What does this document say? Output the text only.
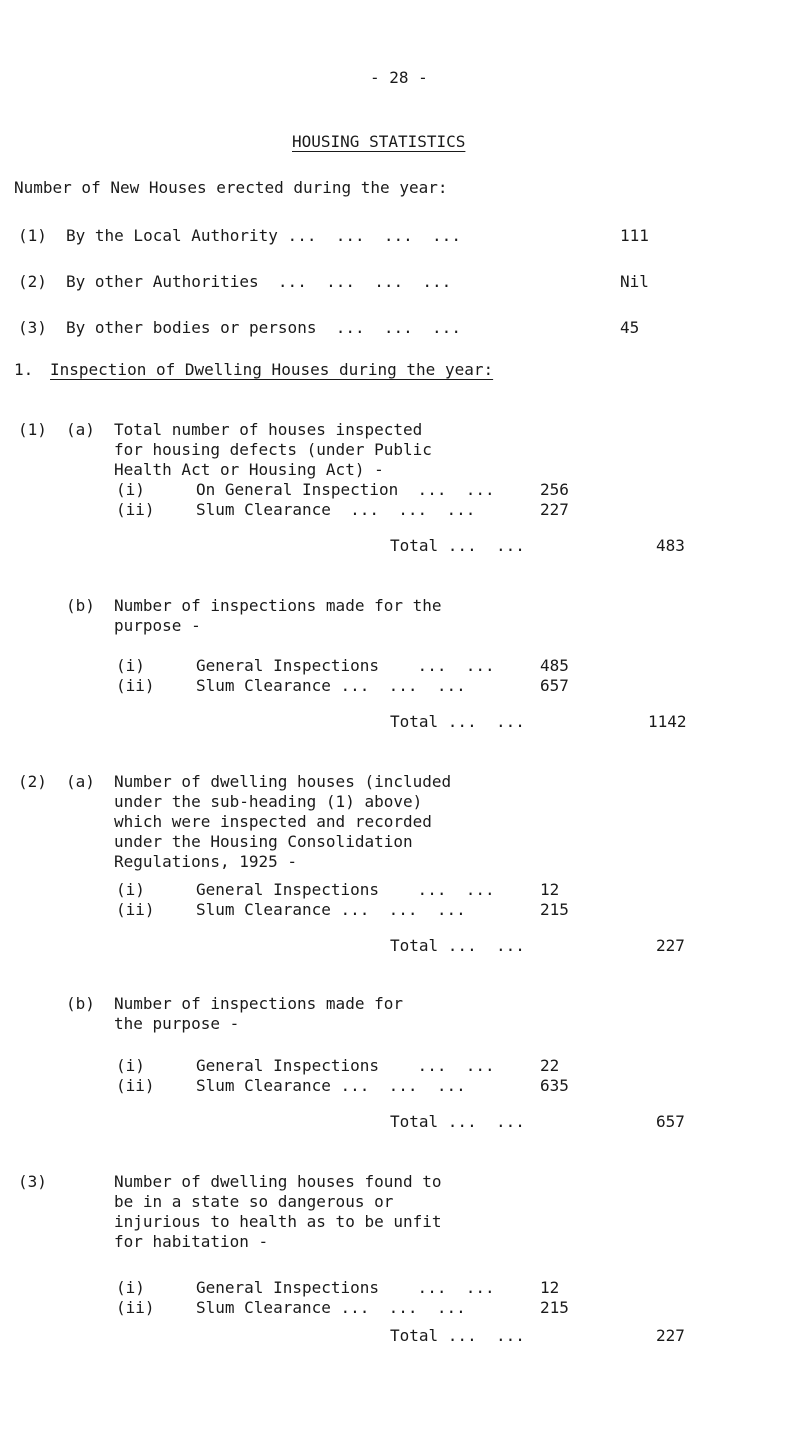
- 28 -
HOUSING STATISTICS
Number of New Houses erected during the year:
(1) By the Local Authority ...  ...  ...  ...	111
(2) By other Authorities  ...  ...  ...  ...	Nil
(3) By other bodies or persons  ...  ...  ...	45
1. Inspection of Dwelling Houses during the year:
(1) (a) Total number of houses inspected
for housing defects (under Public
Health Act or Housing Act) -
(i)	On General Inspection  ...  ...	256
(ii)	Slum Clearance  ...  ...  ...	227
Total ...  ...	483
(b) Number of inspections made for the
purpose -
(i)	General Inspections    ...  ...	485
(ii)	Slum Clearance ...  ...  ...	657
Total ...  ...	1142
(2) (a) Number of dwelling houses (included
under the sub-heading (1) above)
which were inspected and recorded
under the Housing Consolidation
Regulations, 1925 -
(i)	General Inspections    ...  ...	12
(ii)	Slum Clearance ...  ...  ...	215
Total ...  ...	227
(b) Number of inspections made for
the purpose -
(i)	General Inspections    ...  ...	22
(ii)	Slum Clearance ...  ...  ...	635
Total ...  ...	657
(3)	Number of dwelling houses found to
be in a state so dangerous or
injurious to health as to be unfit
for habitation -
(i)	General Inspections    ...  ...	12
(ii)	Slum Clearance ...  ...  ...	215
Total ...  ...	227
